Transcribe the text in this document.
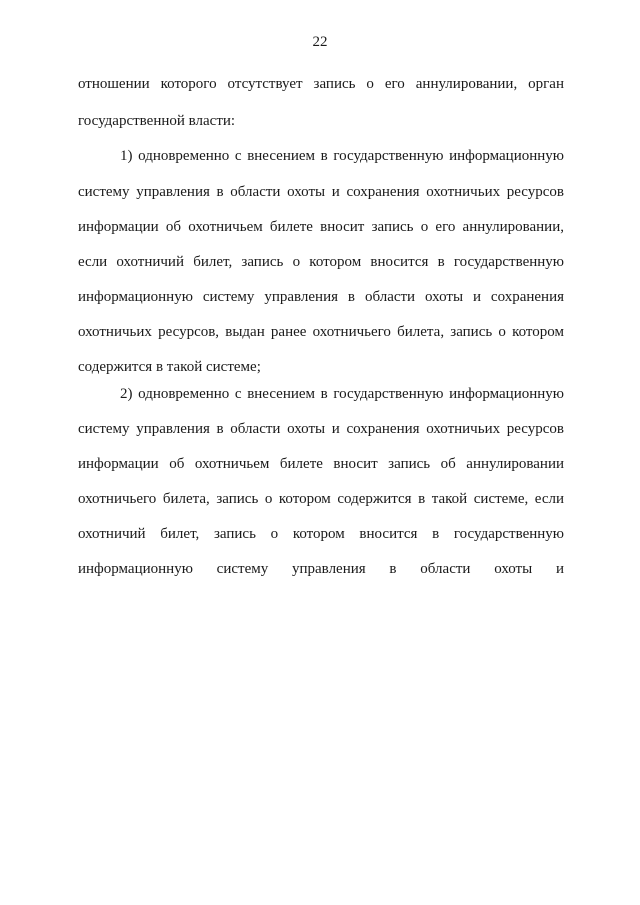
22
отношении которого отсутствует запись о его аннулировании, орган
государственной власти:
1) одновременно с внесением в государственную информационную
систему управления в области охоты и сохранения охотничьих ресурсов
информации об охотничьем билете вносит запись о его аннулировании,
если охотничий билет, запись о котором вносится в государственную
информационную систему управления в области охоты и сохранения
охотничьих ресурсов, выдан ранее охотничьего билета, запись о котором
содержится в такой системе;
2) одновременно с внесением в государственную информационную
систему управления в области охоты и сохранения охотничьих ресурсов
информации об охотничьем билете вносит запись об аннулировании
охотничьего билета, запись о котором содержится в такой системе, если
охотничий билет, запись о котором вносится в государственную
информационную систему управления в области охоты и
